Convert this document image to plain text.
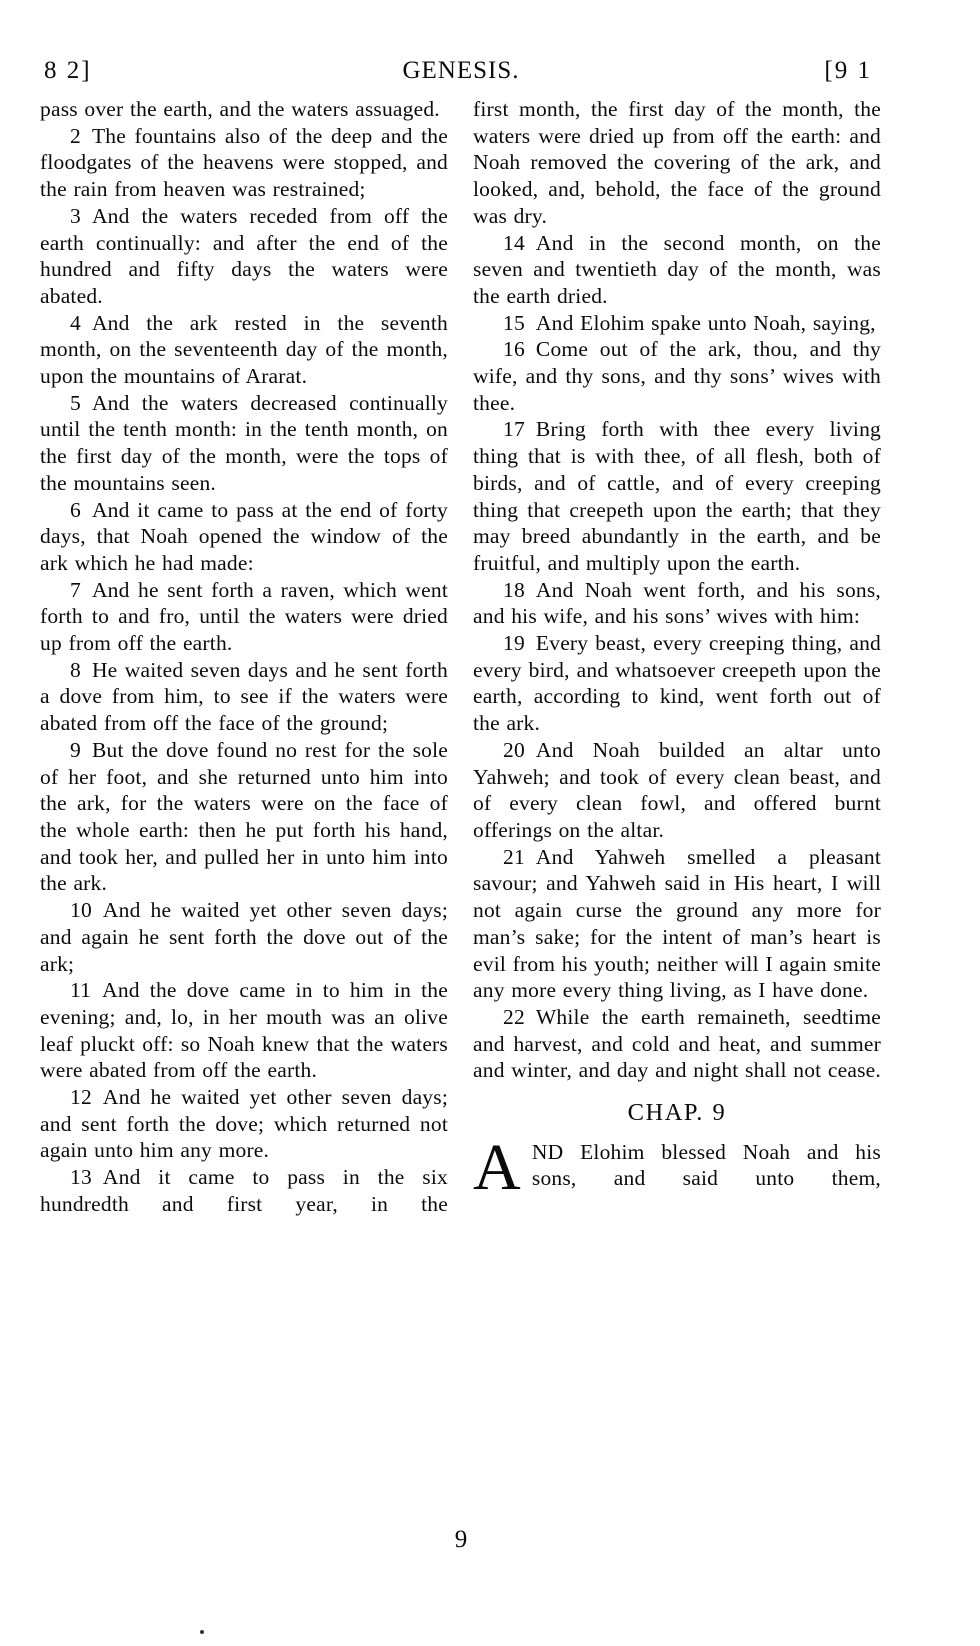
8 2]	GENESIS.	[9 1

pass over the earth, and the waters assuaged.

2 The fountains also of the deep and the floodgates of the heavens were stopped, and the rain from heaven was restrained;

3 And the waters receded from off the earth continually: and after the end of the hundred and fifty days the waters were abated.

4 And the ark rested in the seventh month, on the seventeenth day of the month, upon the mountains of Ararat.

5 And the waters decreased continually until the tenth month: in the tenth month, on the first day of the month, were the tops of the mountains seen.

6 And it came to pass at the end of forty days, that Noah opened the window of the ark which he had made:

7 And he sent forth a raven, which went forth to and fro, until the waters were dried up from off the earth.

8 He waited seven days and he sent forth a dove from him, to see if the waters were abated from off the face of the ground;

9 But the dove found no rest for the sole of her foot, and she returned unto him into the ark, for the waters were on the face of the whole earth: then he put forth his hand, and took her, and pulled her in unto him into the ark.

10 And he waited yet other seven days; and again he sent forth the dove out of the ark;

11 And the dove came in to him in the evening; and, lo, in her mouth was an olive leaf pluckt off: so Noah knew that the waters were abated from off the earth.

12 And he waited yet other seven days; and sent forth the dove; which returned not again unto him any more.

13 And it came to pass in the six hundredth and first year, in the

first month, the first day of the month, the waters were dried up from off the earth: and Noah removed the covering of the ark, and looked, and, behold, the face of the ground was dry.

14 And in the second month, on the seven and twentieth day of the month, was the earth dried.

15 And Elohim spake unto Noah, saying,

16 Come out of the ark, thou, and thy wife, and thy sons, and thy sons’ wives with thee.

17 Bring forth with thee every living thing that is with thee, of all flesh, both of birds, and of cattle, and of every creeping thing that creepeth upon the earth; that they may breed abundantly in the earth, and be fruitful, and multiply upon the earth.

18 And Noah went forth, and his sons, and his wife, and his sons’ wives with him:

19 Every beast, every creeping thing, and every bird, and whatsoever creepeth upon the earth, according to kind, went forth out of the ark.

20 And Noah builded an altar unto Yahweh; and took of every clean beast, and of every clean fowl, and offered burnt offerings on the altar.

21 And Yahweh smelled a pleasant savour; and Yahweh said in His heart, I will not again curse the ground any more for man’s sake; for the intent of man’s heart is evil from his youth; neither will I again smite any more every thing living, as I have done.

22 While the earth remaineth, seedtime and harvest, and cold and heat, and summer and winter, and day and night shall not cease.

CHAP. 9

AND Elohim blessed Noah and his sons, and said unto them,

9
